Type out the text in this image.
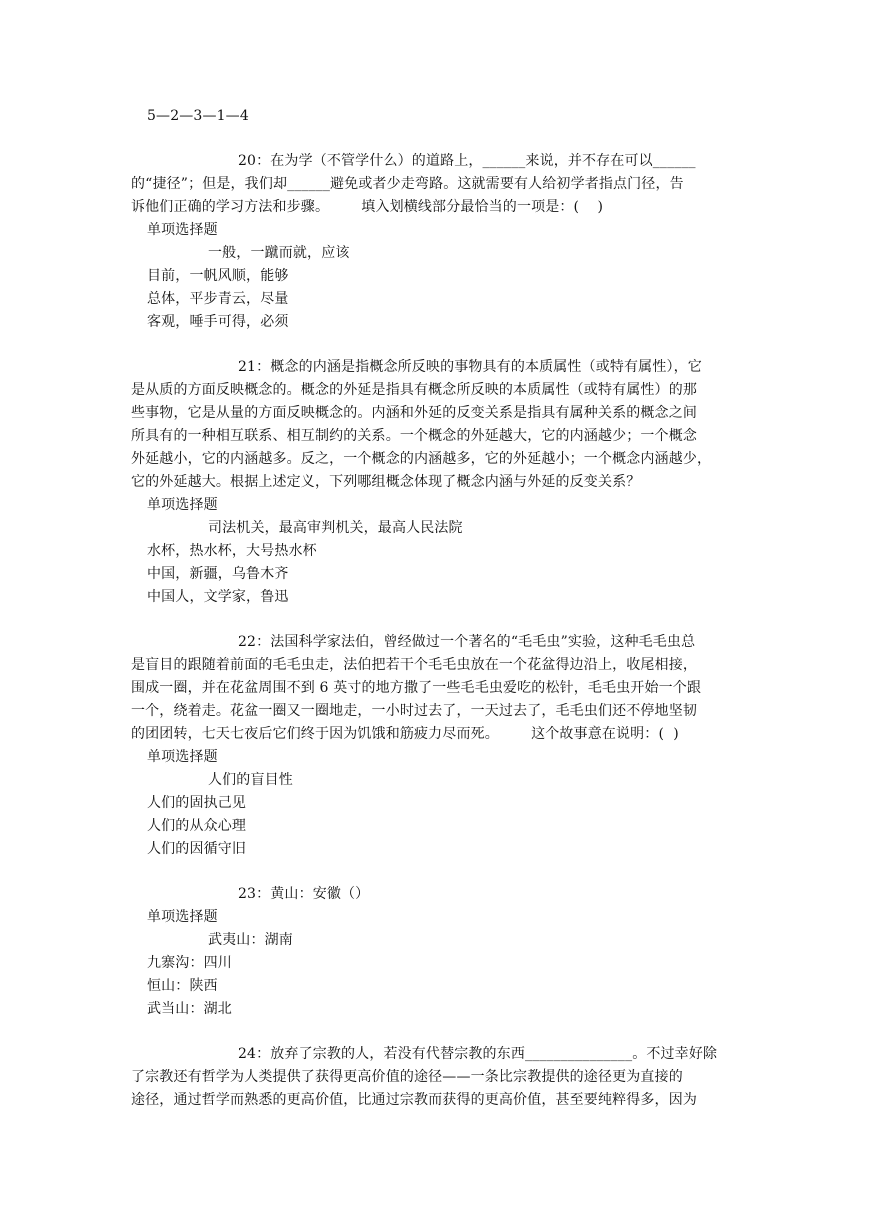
5—2—3—1—4
20：在为学（不管学什么）的道路上，______来说，并不存在可以______
的“捷径”；但是，我们却______避免或者少走弯路。这就需要有人给初学者指点门径，告
诉他们正确的学习方法和步骤。       填入划横线部分最恰当的一项是：(    )
单项选择题
一般，一蹴而就，应该
目前，一帆风顺，能够
总体，平步青云，尽量
客观，唾手可得，必须
21：概念的内涵是指概念所反映的事物具有的本质属性（或特有属性），它
是从质的方面反映概念的。概念的外延是指具有概念所反映的本质属性（或特有属性）的那
些事物，它是从量的方面反映概念的。内涵和外延的反变关系是指具有属种关系的概念之间
所具有的一种相互联系、相互制约的关系。一个概念的外延越大，它的内涵越少；一个概念
外延越小，它的内涵越多。反之，一个概念的内涵越多，它的外延越小；一个概念内涵越少，
它的外延越大。根据上述定义，下列哪组概念体现了概念内涵与外延的反变关系？
单项选择题
司法机关，最高审判机关，最高人民法院
水杯，热水杯，大号热水杯
中国，新疆，乌鲁木齐
中国人，文学家，鲁迅
22：法国科学家法伯，曾经做过一个著名的“毛毛虫”实验，这种毛毛虫总
是盲目的跟随着前面的毛毛虫走，法伯把若干个毛毛虫放在一个花盆得边沿上，收尾相接，
围成一圈，并在花盆周围不到 6 英寸的地方撒了一些毛毛虫爱吃的松针，毛毛虫开始一个跟
一个，绕着走。花盆一圈又一圈地走，一小时过去了，一天过去了，毛毛虫们还不停地坚韧
的团团转，七天七夜后它们终于因为饥饿和筋疲力尽而死。       这个故事意在说明：(  )
单项选择题
人们的盲目性
人们的固执己见
人们的从众心理
人们的因循守旧
23：黄山：安徽（）
单项选择题
武夷山：湖南
九寨沟：四川
恒山：陕西
武当山：湖北
24：放弃了宗教的人，若没有代替宗教的东西_______________。不过幸好除
了宗教还有哲学为人类提供了获得更高价值的途径——一条比宗教提供的途径更为直接的
途径，通过哲学而熟悉的更高价值，比通过宗教而获得的更高价值，甚至要纯粹得多，因为
